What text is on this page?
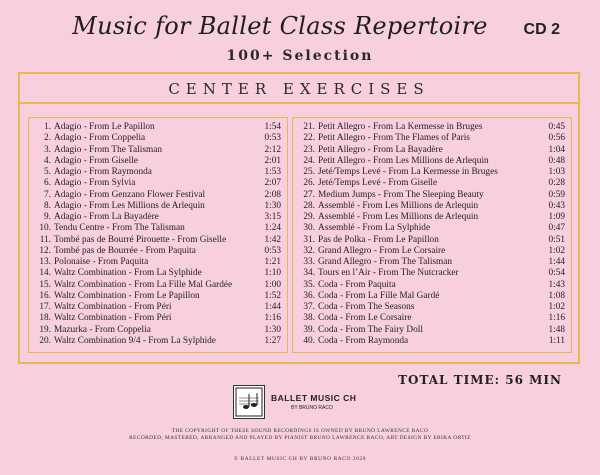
Music for Ballet Class Repertoire	CD 2
100+ Selection
CENTER EXERCISES
1. Adagio - From Le Papillon	1:54
2. Adagio - From Coppelia	0:53
3. Adagio - From The Talisman	2:12
4. Adagio - From Giselle	2:01
5. Adagio - From Raymonda	1:53
6. Adagio - From Sylvia	2:07
7. Adagio - From Genzano Flower Festival	2:08
8. Adagio - From Les Millions de Arlequin	1:30
9. Adagio - From La Bayadère	3:15
10. Tendu Centre - From The Talisman	1:24
11. Tombé pas de Bourré Pirouette - From Giselle	1:42
12. Tombé pas de Bourrée - From Paquita	0:53
13. Polonaise - From Paquita	1:21
14. Waltz Combination - From La Sylphide	1:10
15. Waltz Combination - From La Fille Mal Gardée	1:00
16. Waltz Combination - From Le Papillon	1:52
17. Waltz Combination - From Péri	1:44
18. Waltz Combination - From Péri	1:16
19. Mazurka - From Coppelia	1:30
20. Waltz Combination 9/4 - From La Sylphide	1:27
21. Petit Allegro - From La Kermesse in Bruges	0:45
22. Petit Allegro - From The Flames of Paris	0:56
23. Petit Allegro - From La Bayadère	1:04
24. Petit Allegro - From Les Millions de Arlequin	0:48
25. Jeté/Temps Levé - From La Kermesse in Bruges	1:03
26. Jeté/Temps Levé - From Giselle	0:28
27. Medium Jumps - From The Sleeping Beauty	0:59
28. Assemblé - From Les Millions de Arlequin	0:43
29. Assemblé - From Les Millions de Arlequin	1:09
30. Assemblé - From La Sylphide	0:47
31. Pas de Polka - From Le Papillon	0:51
32. Grand Allegro - From Le Corsaire	1:02
33. Grand Allegro - From The Talisman	1:44
34. Tours en l’Air - From The Nutcracker	0:54
35. Coda - From Paquita	1:43
36. Coda - From La Fille Mal Gardé	1:08
37. Coda - From The Seasons	1:02
38. Coda - From Le Corsaire	1:16
39. Coda - From The Fairy Doll	1:48
40. Coda - From Raymonda	1:11
TOTAL TIME: 56 MIN
BALLET MUSIC CH
BY BRUNO RACO
THE COPYRIGHT OF THESE SOUND RECORDINGS IS OWNED BY BRUNO LAWRENCE RACO
RECORDED, MASTERED, ARRANGED AND PLAYED BY PIANIST BRUNO LAWRENCE RACO, ART DESIGN BY ERIKA ORTIZ
© BALLET MUSIC CH BY BRUNO RACO 2020
